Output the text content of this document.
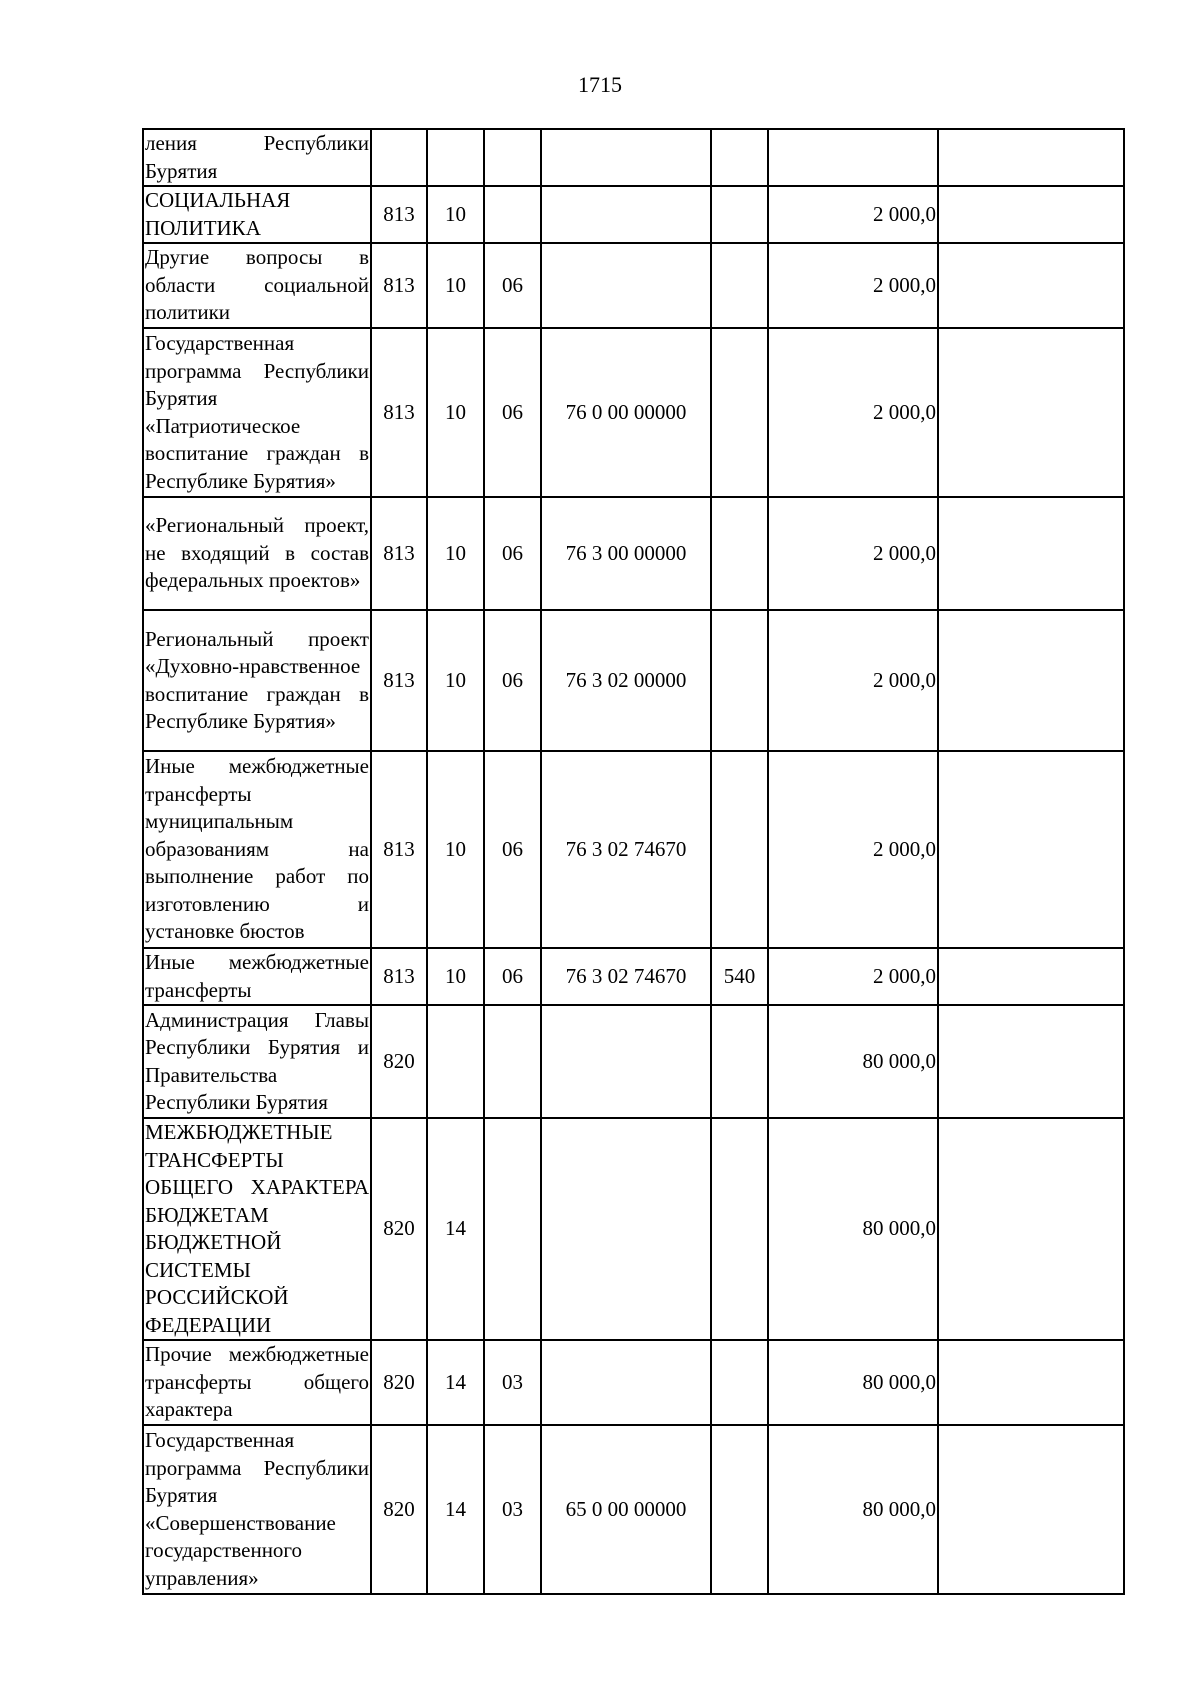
1715
ления Республики Бурятия							
СОЦИАЛЬНАЯ ПОЛИТИКА	813	10				2 000,0	
Другие вопросы в области социальной политики	813	10	06			2 000,0	
Государственная программа Республики Бурятия «Патриотическое воспитание граждан в Республике Бурятия»	813	10	06	76 0 00 00000		2 000,0	
«Региональный проект, не входящий в состав федеральных проектов»	813	10	06	76 3 00 00000		2 000,0	
Региональный проект «Духовно-нравственное воспитание граждан в Республике Бурятия»	813	10	06	76 3 02 00000		2 000,0	
Иные межбюджетные трансферты муниципальным образованиям на выполнение работ по изготовлению и установке бюстов	813	10	06	76 3 02 74670		2 000,0	
Иные межбюджетные трансферты	813	10	06	76 3 02 74670	540	2 000,0	
Администрация Главы Республики Бурятия и Правительства Республики Бурятия	820					80 000,0	
МЕЖБЮДЖЕТНЫЕ ТРАНСФЕРТЫ ОБЩЕГО ХАРАКТЕРА БЮДЖЕТАМ БЮДЖЕТНОЙ СИСТЕМЫ РОССИЙСКОЙ ФЕДЕРАЦИИ	820	14				80 000,0	
Прочие межбюджетные трансферты общего характера	820	14	03			80 000,0	
Государственная программа Республики Бурятия «Совершенствование государственного управления»	820	14	03	65 0 00 00000		80 000,0	
